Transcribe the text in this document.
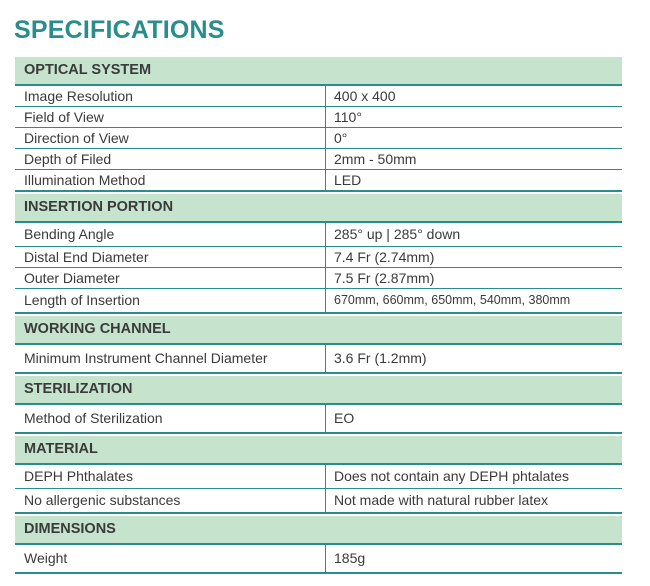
SPECIFICATIONS
OPTICAL SYSTEM
Image Resolution	400 x 400
Field of View	110°
Direction of View	0°
Depth of Filed	2mm - 50mm
Illumination Method	LED
INSERTION PORTION
Bending Angle	285° up | 285° down
Distal End Diameter	7.4 Fr (2.74mm)
Outer Diameter	7.5 Fr (2.87mm)
Length of Insertion	670mm, 660mm, 650mm, 540mm, 380mm
WORKING CHANNEL
Minimum Instrument Channel Diameter	3.6 Fr (1.2mm)
STERILIZATION
Method of Sterilization	EO
MATERIAL
DEPH Phthalates	Does not contain any DEPH phtalates
No allergenic substances	Not made with natural rubber latex
DIMENSIONS
Weight	185g
